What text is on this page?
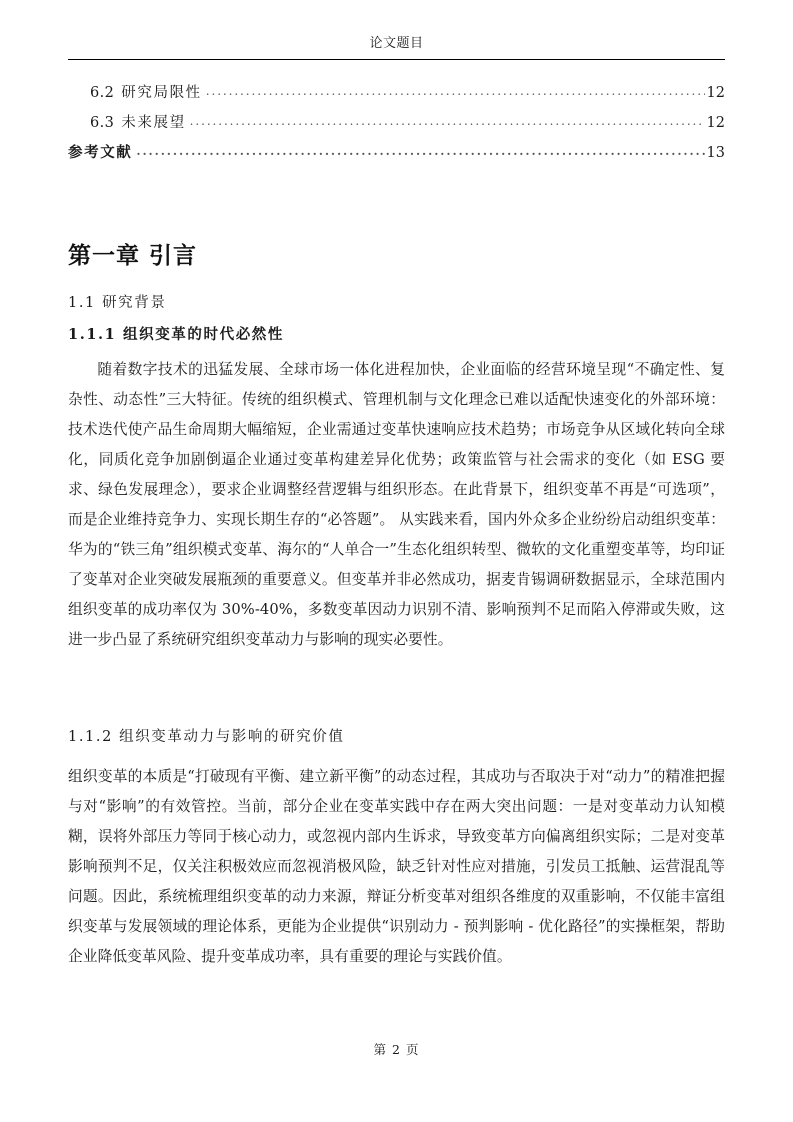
论文题目
6.2 研究局限性 .....	12
6.3 未来展望 .....	12
参考文献 .....	13
第一章 引言
1.1 研究背景
1.1.1 组织变革的时代必然性
随着数字技术的迅猛发展、全球市场一体化进程加快，企业面临的经营环境呈现“不确定性、复杂性、动态性”三大特征。传统的组织模式、管理机制与文化理念已难以适配快速变化的外部环境：技术迭代使产品生命周期大幅缩短，企业需通过变革快速响应技术趋势；市场竞争从区域化转向全球化，同质化竞争加剧倒逼企业通过变革构建差异化优势；政策监管与社会需求的变化（如 ESG 要求、绿色发展理念），要求企业调整经营逻辑与组织形态。在此背景下，组织变革不再是“可选项”，而是企业维持竞争力、实现长期生存的“必答题”。 从实践来看，国内外众多企业纷纷启动组织变革：华为的“铁三角”组织模式变革、海尔的“人单合一”生态化组织转型、微软的文化重塑变革等，均印证了变革对企业突破发展瓶颈的重要意义。但变革并非必然成功，据麦肯锡调研数据显示，全球范围内组织变革的成功率仅为 30%-40%，多数变革因动力识别不清、影响预判不足而陷入停滞或失败，这进一步凸显了系统研究组织变革动力与影响的现实必要性。
1.1.2 组织变革动力与影响的研究价值
组织变革的本质是“打破现有平衡、建立新平衡”的动态过程，其成功与否取决于对“动力”的精准把握与对“影响”的有效管控。当前，部分企业在变革实践中存在两大突出问题：一是对变革动力认知模糊，误将外部压力等同于核心动力，或忽视内部内生诉求，导致变革方向偏离组织实际；二是对变革影响预判不足，仅关注积极效应而忽视消极风险，缺乏针对性应对措施，引发员工抵触、运营混乱等问题。因此，系统梳理组织变革的动力来源，辩证分析变革对组织各维度的双重影响，不仅能丰富组织变革与发展领域的理论体系，更能为企业提供“识别动力 - 预判影响 - 优化路径”的实操框架，帮助企业降低变革风险、提升变革成功率，具有重要的理论与实践价值。
第 2 页
